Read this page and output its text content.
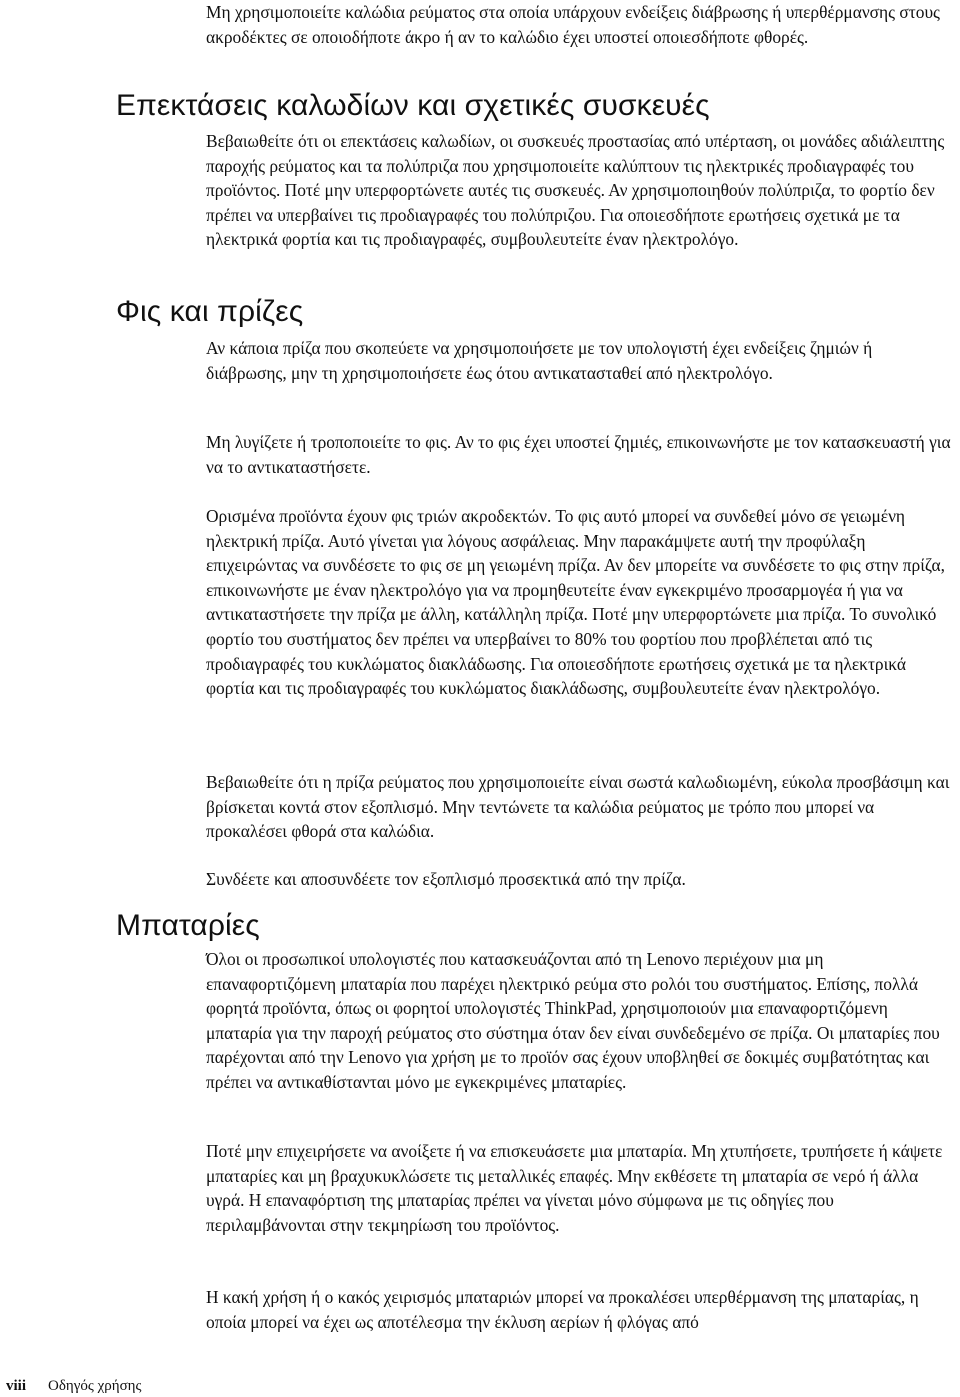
Μη χρησιμοποιείτε καλώδια ρεύματος στα οποία υπάρχουν ενδείξεις διάβρωσης ή υπερθέρμανσης στους ακροδέκτες σε οποιοδήποτε άκρο ή αν το καλώδιο έχει υποστεί οποιεσδήποτε φθορές.

Επεκτάσεις καλωδίων και σχετικές συσκευές

Βεβαιωθείτε ότι οι επεκτάσεις καλωδίων, οι συσκευές προστασίας από υπέρταση, οι μονάδες αδιάλειπτης παροχής ρεύματος και τα πολύπριζα που χρησιμοποιείτε καλύπτουν τις ηλεκτρικές προδιαγραφές του προϊόντος. Ποτέ μην υπερφορτώνετε αυτές τις συσκευές. Αν χρησιμοποιηθούν πολύπριζα, το φορτίο δεν πρέπει να υπερβαίνει τις προδιαγραφές του πολύπριζου. Για οποιεσδήποτε ερωτήσεις σχετικά με τα ηλεκτρικά φορτία και τις προδιαγραφές, συμβουλευτείτε έναν ηλεκτρολόγο.

Φις και πρίζες

Αν κάποια πρίζα που σκοπεύετε να χρησιμοποιήσετε με τον υπολογιστή έχει ενδείξεις ζημιών ή διάβρωσης, μην τη χρησιμοποιήσετε έως ότου αντικατασταθεί από ηλεκτρολόγο.

Μη λυγίζετε ή τροποποιείτε το φις. Αν το φις έχει υποστεί ζημιές, επικοινωνήστε με τον κατασκευαστή για να το αντικαταστήσετε.

Ορισμένα προϊόντα έχουν φις τριών ακροδεκτών. Το φις αυτό μπορεί να συνδεθεί μόνο σε γειωμένη ηλεκτρική πρίζα. Αυτό γίνεται για λόγους ασφάλειας. Μην παρακάμψετε αυτή την προφύλαξη επιχειρώντας να συνδέσετε το φις σε μη γειωμένη πρίζα. Αν δεν μπορείτε να συνδέσετε το φις στην πρίζα, επικοινωνήστε με έναν ηλεκτρολόγο για να προμηθευτείτε έναν εγκεκριμένο προσαρμογέα ή για να αντικαταστήσετε την πρίζα με άλλη, κατάλληλη πρίζα. Ποτέ μην υπερφορτώνετε μια πρίζα. Το συνολικό φορτίο του συστήματος δεν πρέπει να υπερβαίνει το 80% του φορτίου που προβλέπεται από τις προδιαγραφές του κυκλώματος διακλάδωσης. Για οποιεσδήποτε ερωτήσεις σχετικά με τα ηλεκτρικά φορτία και τις προδιαγραφές του κυκλώματος διακλάδωσης, συμβουλευτείτε έναν ηλεκτρολόγο.

Βεβαιωθείτε ότι η πρίζα ρεύματος που χρησιμοποιείτε είναι σωστά καλωδιωμένη, εύκολα προσβάσιμη και βρίσκεται κοντά στον εξοπλισμό. Μην τεντώνετε τα καλώδια ρεύματος με τρόπο που μπορεί να προκαλέσει φθορά στα καλώδια.

Συνδέετε και αποσυνδέετε τον εξοπλισμό προσεκτικά από την πρίζα.

Μπαταρίες

Όλοι οι προσωπικοί υπολογιστές που κατασκευάζονται από τη Lenovo περιέχουν μια μη επαναφορτιζόμενη μπαταρία που παρέχει ηλεκτρικό ρεύμα στο ρολόι του συστήματος. Επίσης, πολλά φορητά προϊόντα, όπως οι φορητοί υπολογιστές ThinkPad, χρησιμοποιούν μια επαναφορτιζόμενη μπαταρία για την παροχή ρεύματος στο σύστημα όταν δεν είναι συνδεδεμένο σε πρίζα. Οι μπαταρίες που παρέχονται από την Lenovo για χρήση με το προϊόν σας έχουν υποβληθεί σε δοκιμές συμβατότητας και πρέπει να αντικαθίστανται μόνο με εγκεκριμένες μπαταρίες.

Ποτέ μην επιχειρήσετε να ανοίξετε ή να επισκευάσετε μια μπαταρία. Μη χτυπήσετε, τρυπήσετε ή κάψετε μπαταρίες και μη βραχυκυκλώσετε τις μεταλλικές επαφές. Μην εκθέσετε τη μπαταρία σε νερό ή άλλα υγρά. Η επαναφόρτιση της μπαταρίας πρέπει να γίνεται μόνο σύμφωνα με τις οδηγίες που περιλαμβάνονται στην τεκμηρίωση του προϊόντος.

Η κακή χρήση ή ο κακός χειρισμός μπαταριών μπορεί να προκαλέσει υπερθέρμανση της μπαταρίας, η οποία μπορεί να έχει ως αποτέλεσμα την έκλυση αερίων ή φλόγας από

viii Οδηγός χρήσης
